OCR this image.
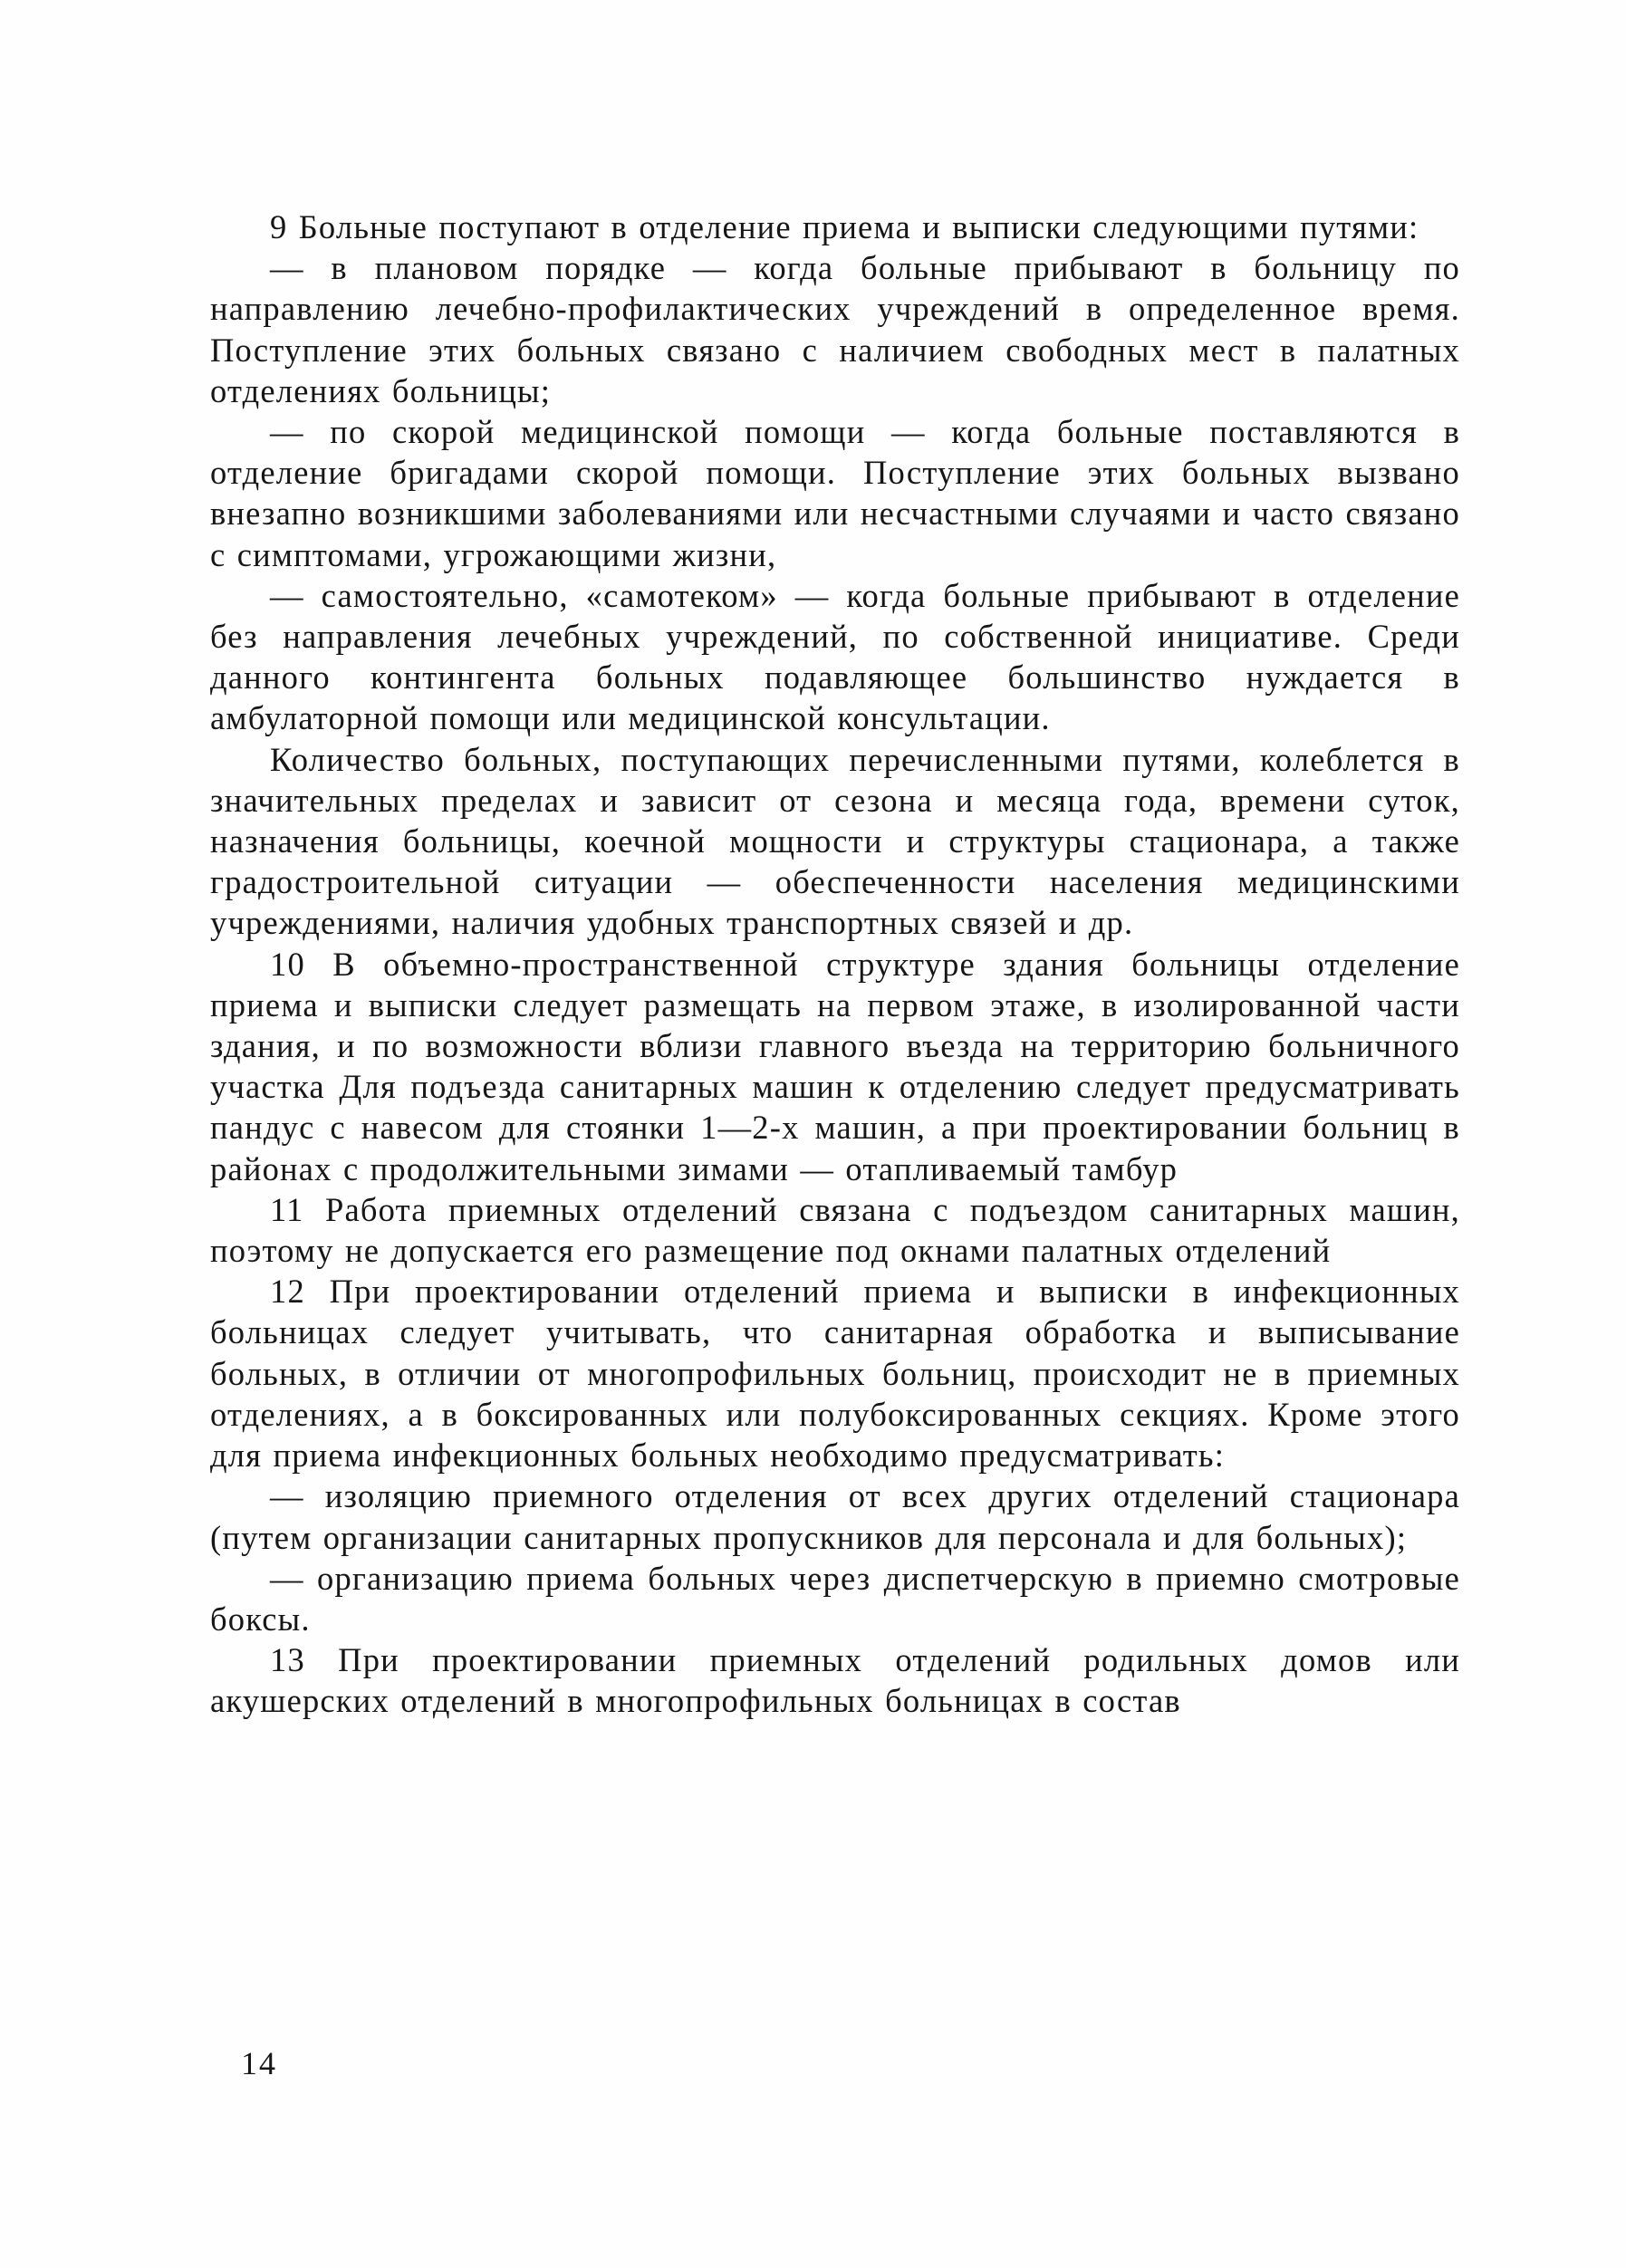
9 Больные поступают в отделение приема и выписки следующими путями:

— в плановом порядке — когда больные прибывают в больницу по направлению лечебно-профилактических учреждений в определенное время. Поступление этих больных связано с наличием свободных мест в палатных отделениях больницы;

— по скорой медицинской помощи — когда больные поставляются в отделение бригадами скорой помощи. Поступление этих больных вызвано внезапно возникшими заболеваниями или несчастными случаями и часто связано с симптомами, угрожающими жизни,

— самостоятельно, «самотеком» — когда больные прибывают в отделение без направления лечебных учреждений, по собственной инициативе. Среди данного контингента больных подавляющее большинство нуждается в амбулаторной помощи или медицинской консультации.

Количество больных, поступающих перечисленными путями, колеблется в значительных пределах и зависит от сезона и месяца года, времени суток, назначения больницы, коечной мощности и структуры стационара, а также градостроительной ситуации — обеспеченности населения медицинскими учреждениями, наличия удобных транспортных связей и др.

10 В объемно-пространственной структуре здания больницы отделение приема и выписки следует размещать на первом этаже, в изолированной части здания, и по возможности вблизи главного въезда на территорию больничного участка Для подъезда санитарных машин к отделению следует предусматривать пандус с навесом для стоянки 1—2-х машин, а при проектировании больниц в районах с продолжительными зимами — отапливаемый тамбур

11 Работа приемных отделений связана с подъездом санитарных машин, поэтому не допускается его размещение под окнами палатных отделений

12 При проектировании отделений приема и выписки в инфекционных больницах следует учитывать, что санитарная обработка и выписывание больных, в отличии от многопрофильных больниц, происходит не в приемных отделениях, а в боксированных или полубоксированных секциях. Кроме этого для приема инфекционных больных необходимо предусматривать:

— изоляцию приемного отделения от всех других отделений стационара (путем организации санитарных пропускников для персонала и для больных);

— организацию приема больных через диспетчерскую в приемно смотровые боксы.

13 При проектировании приемных отделений родильных домов или акушерских отделений в многопрофильных больницах в состав

14
